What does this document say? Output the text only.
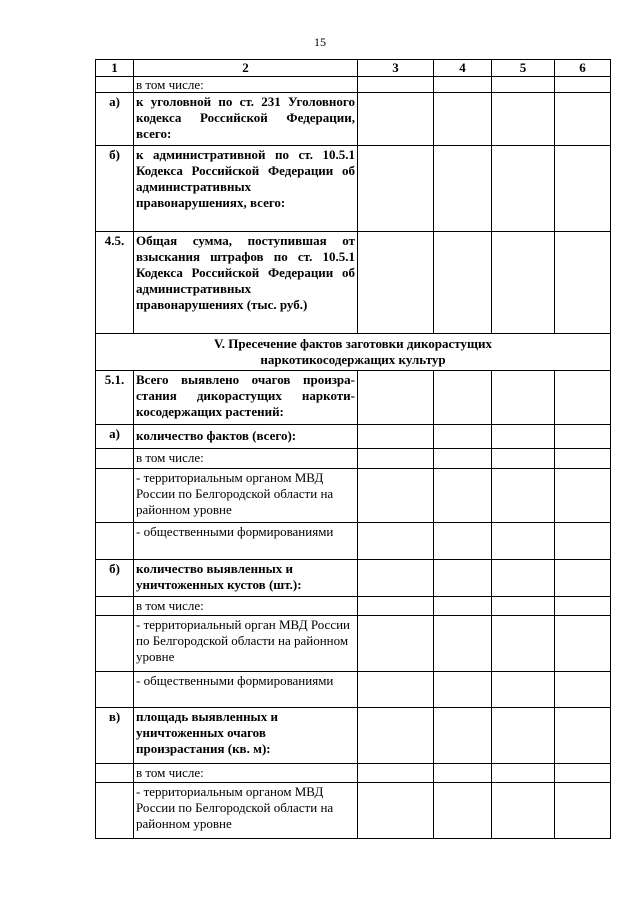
15
1	2	3	4	5	6
	в том числе:				
а)	к уголовной по ст. 231 Уголовного кодекса Российской Федерации, всего:				
б)	к административной по ст. 10.5.1 Кодекса Российской Федерации об административных правонарушениях, всего:				
4.5.	Общая сумма, поступившая от взыскания штрафов по ст. 10.5.1 Кодекса Российской Федерации об административных правонарушениях (тыс. руб.)				
V. Пресечение фактов заготовки дикорастущих наркотикосодержащих культур					
5.1.	Всего выявлено очагов произра-стания дикорастущих наркоти-косодержащих растений:				
а)	количество фактов (всего):				
	в том числе:				
	- территориальным органом МВД России по Белгородской области на районном уровне				
	- общественными формированиями				
б)	количество выявленных и уничтоженных кустов (шт.):				
	в том числе:				
	- территориальный орган МВД России по Белгородской области на районном уровне				
	- общественными формированиями				
в)	площадь выявленных и уничтоженных очагов произрастания (кв. м):				
	в том числе:				
	- территориальным органом МВД России по Белгородской области на районном уровне				
